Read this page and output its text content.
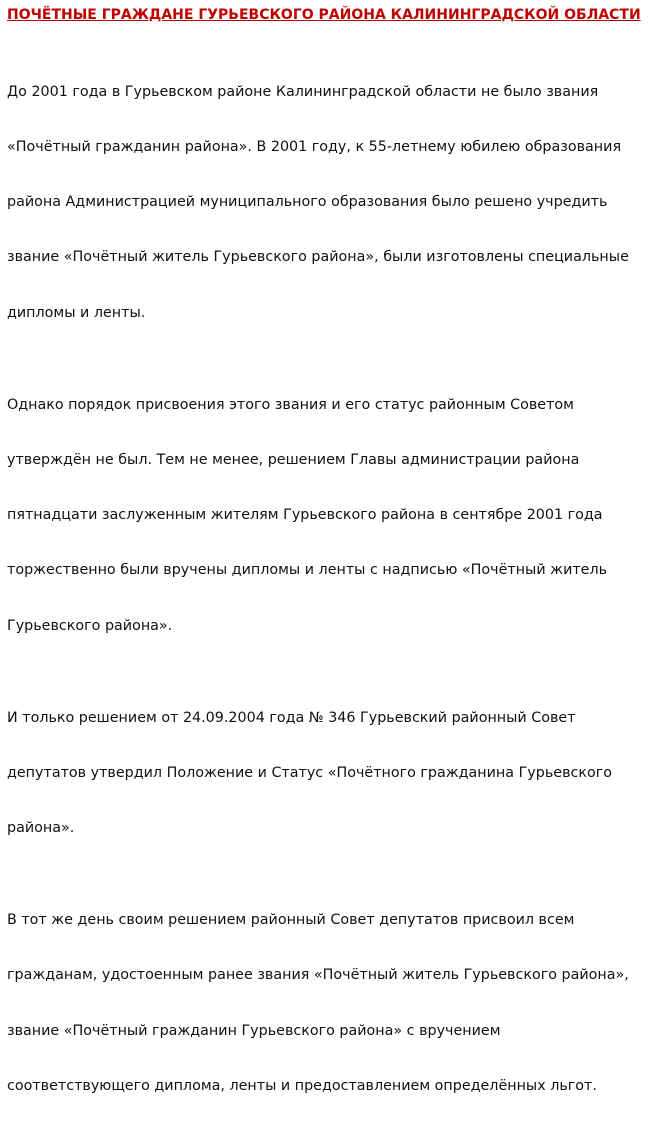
ПОЧЁТНЫЕ ГРАЖДАНЕ ГУРЬЕВСКОГО РАЙОНА КАЛИНИНГРАДСКОЙ ОБЛАСТИ

До 2001 года в Гурьевском районе Калининградской области не было звания

«Почётный гражданин района». В 2001 году, к 55-летнему юбилею образования

района Администрацией муниципального образования было решено учредить

звание «Почётный житель Гурьевского района», были изготовлены специальные

дипломы и ленты.

Однако порядок присвоения этого звания и его статус районным Советом

утверждён не был. Тем не менее, решением Главы администрации района

пятнадцати заслуженным жителям Гурьевского района в сентябре 2001 года

торжественно были вручены дипломы и ленты с надписью «Почётный житель

Гурьевского района».

И только решением от 24.09.2004 года № 346 Гурьевский районный Совет

депутатов утвердил Положение и Статус «Почётного гражданина Гурьевского

района».

В тот же день своим решением районный Совет депутатов присвоил всем

гражданам, удостоенным ранее звания «Почётный житель Гурьевского района»,

звание «Почётный гражданин Гурьевского района» с вручением

соответствующего диплома, ленты и предоставлением определённых льгот.
